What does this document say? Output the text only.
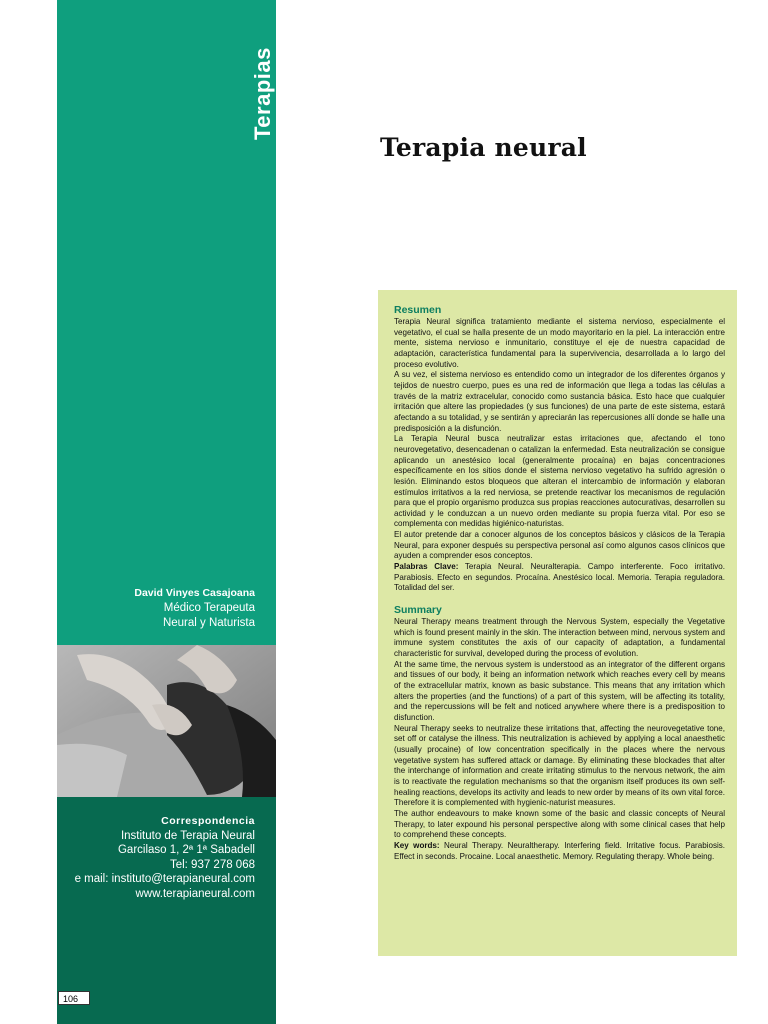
Terapias
David Vinyes Casajoana
Médico Terapeuta
Neural y Naturista
Correspondencia
Instituto de Terapia Neural
Garcilaso 1, 2ª 1ª Sabadell
Tel: 937 278 068
e mail: instituto@terapianeural.com
www.terapianeural.com
106
Terapia neural
Resumen

Terapia Neural significa tratamiento mediante el sistema nervioso, especialmente el vegetativo, el cual se halla presente de un modo mayoritario en la piel. La interacción entre mente, sistema nervioso e inmunitario, constituye el eje de nuestra capacidad de adaptación, característica fundamental para la supervivencia, desarrollada a lo largo del proceso evolutivo.

A su vez, el sistema nervioso es entendido como un integrador de los diferentes órganos y tejidos de nuestro cuerpo, pues es una red de información que llega a todas las células a través de la matriz extracelular, conocido como sustancia básica. Esto hace que cualquier irritación que altere las propiedades (y sus funciones) de una parte de este sistema, estará afectando a su totalidad, y se sentirán y apreciarán las repercusiones allí donde se halle una predisposición a la disfunción.

La Terapia Neural busca neutralizar estas irritaciones que, afectando el tono neurovegetativo, desencadenan o catalizan la enfermedad. Esta neutralización se consigue aplicando un anestésico local (generalmente procaína) en bajas concentraciones específicamente en los sitios donde el sistema nervioso vegetativo ha sufrido agresión o lesión. Eliminando estos bloqueos que alteran el intercambio de información y elaboran estímulos irritativos a la red nerviosa, se pretende reactivar los mecanismos de regulación para que el propio organismo produzca sus propias reacciones autocurativas, desarrollen su actividad y le conduzcan a un nuevo orden mediante su propia fuerza vital. Por eso se complementa con medidas higiénico-naturistas.

El autor pretende dar a conocer algunos de los conceptos básicos y clásicos de la Terapia Neural, para exponer después su perspectiva personal así como algunos casos clínicos que ayuden a comprender esos conceptos.

Palabras Clave: Terapia Neural. Neuralterapia. Campo interferente. Foco irritativo. Parabiosis. Efecto en segundos. Procaína. Anestésico local. Memoria. Terapia reguladora. Totalidad del ser.

Summary

Neural Therapy means treatment through the Nervous System, especially the Vegetative which is found present mainly in the skin. The interaction between mind, nervous system and immune system constitutes the axis of our capacity of adaptation, a fundamental characteristic for survival, developed during the process of evolution.

At the same time, the nervous system is understood as an integrator of the different organs and tissues of our body, it being an information network which reaches every cell by means of the extracellular matrix, known as basic substance. This means that any irritation which alters the properties (and the functions) of a part of this system, will be affecting its totality, and the repercussions will be felt and noticed anywhere where there is a predisposition to disfunction.

Neural Therapy seeks to neutralize these irritations that, affecting the neurovegetative tone, set off or catalyse the illness. This neutralization is achieved by applying a local anaesthetic (usually procaine) of low concentration specifically in the places where the nervous vegetative system has suffered attack or damage. By eliminating these blockades that alter the interchange of information and create irritating stimulus to the nervous network, the aim is to reactivate the regulation mechanisms so that the organism itself produces its own self-healing reactions, develops its activity and leads to new order by means of its own vital force. Therefore it is complemented with hygienic-naturist measures.

The author endeavours to make known some of the basic and classic concepts of Neural Therapy, to later expound his personal perspective along with some clinical cases that help to comprehend these concepts.

Key words: Neural Therapy. Neuraltherapy. Interfering field. Irritative focus. Parabiosis. Effect in seconds. Procaine. Local anaesthetic. Memory. Regulating therapy. Whole being.
